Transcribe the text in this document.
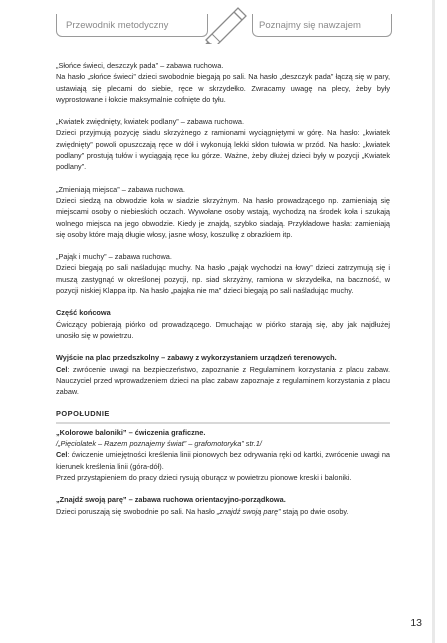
Przewodnik metodyczny	Poznajmy się nawzajem

„Słońce świeci, deszczyk pada” – zabawa ruchowa.

Na hasło „słońce świeci” dzieci swobodnie biegają po sali. Na hasło „deszczyk pada” łączą się w pary, ustawiają się plecami do siebie, ręce w skrzydełko. Zwracamy uwagę na plecy, żeby były wyprostowane i łokcie maksymalnie cofnięte do tyłu.

„Kwiatek zwiędnięty, kwiatek podlany” – zabawa ruchowa.

Dzieci przyjmują pozycję siadu skrzyżnego z ramionami wyciągniętymi w górę. Na hasło: „kwiatek zwiędnięty” powoli opuszczają ręce w dół i wykonują lekki skłon tułowia w przód. Na hasło: „kwiatek podlany” prostują tułów i wyciągają ręce ku górze. Ważne, żeby dłużej dzieci były w pozycji „Kwiatek podlany”.

„Zmieniają miejsca” – zabawa ruchowa.

Dzieci siedzą na obwodzie koła w siadzie skrzyżnym. Na hasło prowadzącego np. zamieniają się miejscami osoby o niebieskich oczach. Wywołane osoby wstają, wychodzą na środek koła i szukają wolnego miejsca na jego obwodzie. Kiedy je znajdą, szybko siadają. Przykładowe hasła: zamieniają się osoby które mają długie włosy, jasne włosy, koszulkę z obrazkiem itp.

„Pająk i muchy” – zabawa ruchowa.

Dzieci biegają po sali naśladując muchy. Na hasło „pająk wychodzi na łowy” dzieci zatrzymują się i muszą zastygnąć w określonej pozycji, np. siad skrzyżny, ramiona w skrzydełka, na baczność, w pozycji niskiej Klappa itp. Na hasło „pająka nie ma” dzieci biegają po sali naśladując muchy.

Część końcowa

Ćwiczący pobierają piórko od prowadzącego. Dmuchając w piórko starają się, aby jak najdłużej unosiło się w powietrzu.

Wyjście na plac przedszkolny – zabawy z wykorzystaniem urządzeń terenowych.

Cel: zwrócenie uwagi na bezpieczeństwo, zapoznanie z Regulaminem korzystania z placu zabaw. Nauczyciel przed wprowadzeniem dzieci na plac zabaw zapoznaje z regulaminem korzystania z placu zabaw.

POPOŁUDNIE

„Kolorowe baloniki” – ćwiczenia graficzne.

/„Pięciolatek – Razem poznajemy świat” – grafomotoryka” str.1/

Cel: ćwiczenie umiejętności kreślenia linii pionowych bez odrywania ręki od kartki, zwrócenie uwagi na kierunek kreślenia linii (góra-dół).

Przed przystąpieniem do pracy dzieci rysują oburącz w powietrzu pionowe kreski i baloniki.

„Znajdź swoją parę” – zabawa ruchowa orientacyjno-porządkowa.

Dzieci poruszają się swobodnie po sali. Na hasło „znajdź swoją parę” stają po dwie osoby.

13
